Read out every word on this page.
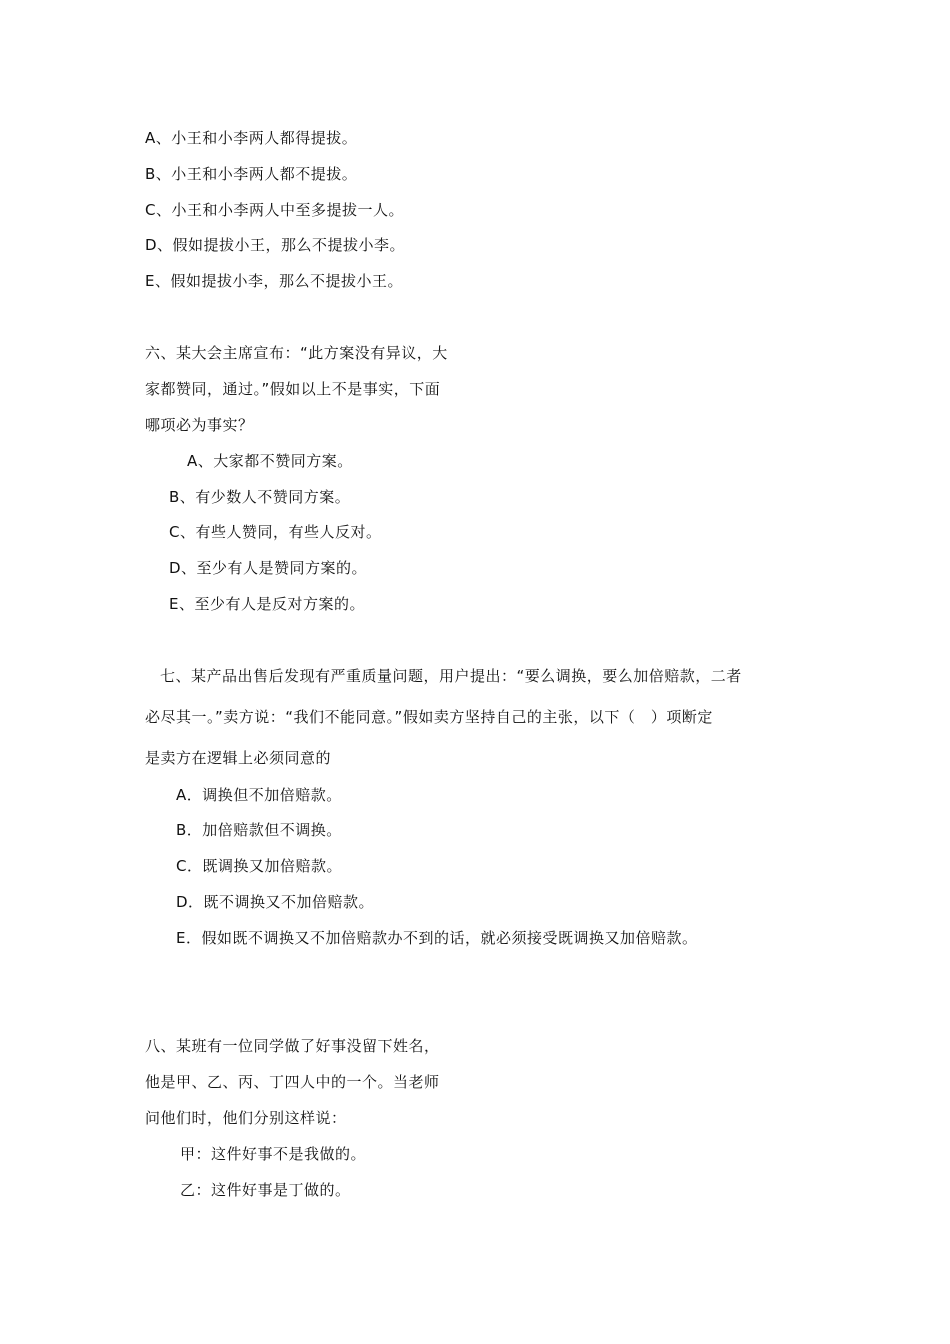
A、小王和小李两人都得提拔。
B、小王和小李两人都不提拔。
C、小王和小李两人中至多提拔一人。
D、假如提拔小王，那么不提拔小李。
E、假如提拔小李，那么不提拔小王。
六、某大会主席宣布：“此方案没有异议，大
家都赞同，通过。”假如以上不是事实，下面
哪项必为事实？
A、大家都不赞同方案。
B、有少数人不赞同方案。
C、有些人赞同，有些人反对。
D、至少有人是赞同方案的。
E、至少有人是反对方案的。
七、某产品出售后发现有严重质量问题，用户提出：“要么调换，要么加倍赔款，二者
必尽其一。”卖方说：“我们不能同意。”假如卖方坚持自己的主张，以下（　）项断定
是卖方在逻辑上必须同意的
A．调换但不加倍赔款。
B．加倍赔款但不调换。
C．既调换又加倍赔款。
D．既不调换又不加倍赔款。
E．假如既不调换又不加倍赔款办不到的话，就必须接受既调换又加倍赔款。
八、某班有一位同学做了好事没留下姓名，
他是甲、乙、丙、丁四人中的一个。当老师
问他们时，他们分别这样说：
甲：这件好事不是我做的。
乙：这件好事是丁做的。
